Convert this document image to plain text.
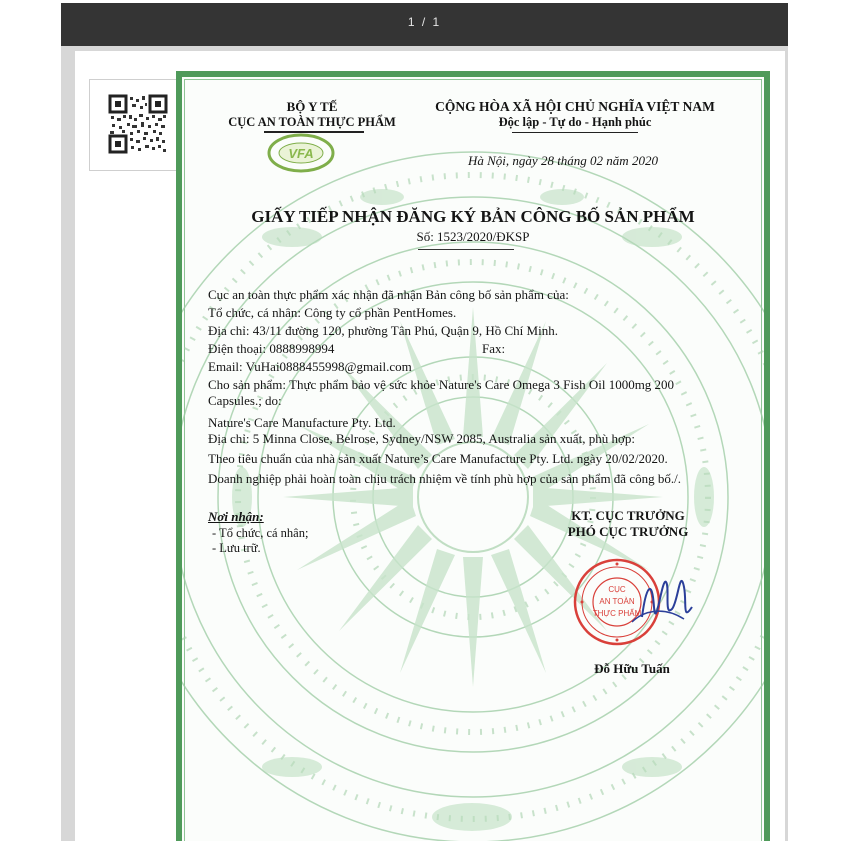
1 / 1
BỘ Y TẾ
CỤC AN TOÀN THỰC PHẨM
VFA
CỘNG HÒA XÃ HỘI CHỦ NGHĨA VIỆT NAM
Độc lập - Tự do - Hạnh phúc
Hà Nội, ngày 28 tháng 02 năm 2020
GIẤY TIẾP NHẬN ĐĂNG KÝ BẢN CÔNG BỐ SẢN PHẨM
Số: 1523/2020/ĐKSP
Cục an toàn thực phẩm xác nhận đã nhận Bản công bố sản phẩm của:
Tổ chức, cá nhân: Công ty cổ phần PentHomes.
Địa chỉ: 43/11 đường 120, phường Tân Phú, Quận 9, Hồ Chí Minh.
Điện thoại: 0888998994	Fax:
Email: VuHai0888455998@gmail.com
Cho sản phẩm: Thực phẩm bảo vệ sức khỏe Nature's Care Omega 3 Fish Oil 1000mg 200
Capsules.; do:
Nature's Care Manufacture Pty. Ltd.
Địa chỉ: 5 Minna Close, Belrose, Sydney/NSW 2085, Australia sản xuất, phù hợp:
Theo tiêu chuẩn của nhà sản xuất Nature’s Care Manufacture Pty. Ltd. ngày 20/02/2020.
Doanh nghiệp phải hoàn toàn chịu trách nhiệm về tính phù hợp của sản phẩm đã công bố./.
Nơi nhận:
- Tổ chức, cá nhân;
- Lưu trữ.
KT. CỤC TRƯỞNG
PHÓ CỤC TRƯỞNG
CỤC
AN TOÀN
THỰC PHẨM
Đỗ Hữu Tuấn
